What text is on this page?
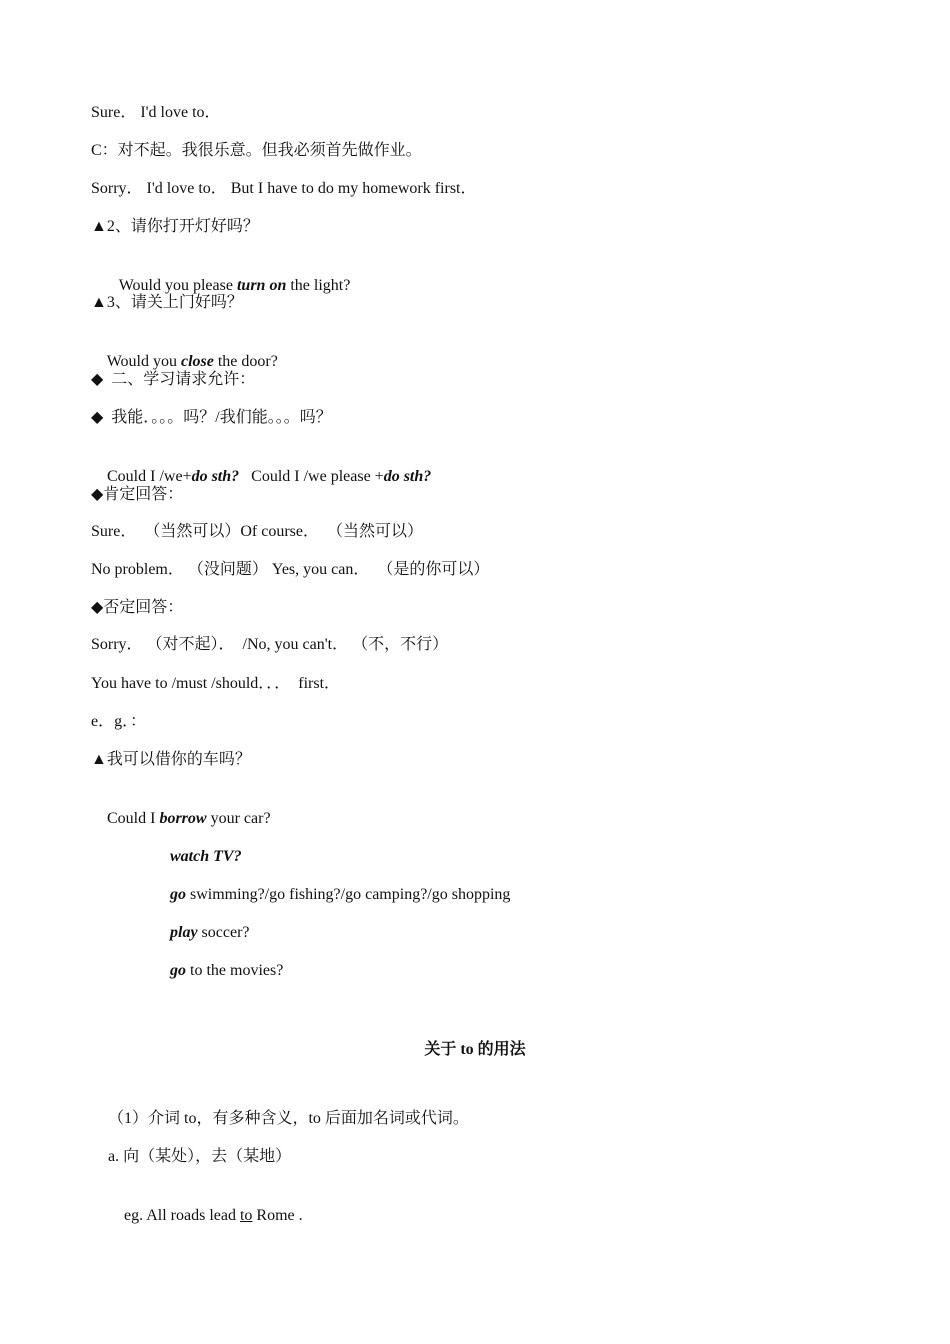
Sure． I'd love to．
C：对不起。我很乐意。但我必须首先做作业。
Sorry． I'd love to． But I have to do my homework first．
▲2、请你打开灯好吗？

Would you please turn on the light?

▲3、请关上门好吗？

Would you close the door?

◆  二、学习请求允许：
◆  我能．。。。吗？/我们能。。。吗？

Could I /we+do sth?   Could I /we please +do sth?

◆肯定回答：
Sure．  （当然可以）Of course．  （当然可以）
No problem． （没问题） Yes, you can．  （是的你可以）
◆否定回答：
Sorry． （对不起）．  /No, you can't． （不，不行）
You have to /must /should．．．  first．
e．g．：
▲我可以借你的车吗？

Could I borrow your car?

watch TV?

go swimming?/go fishing?/go camping?/go shopping

play soccer?

go to the movies?

关于 to 的用法
（1）介词 to，有多种含义，to 后面加名词或代词。
a. 向（某处），去（某地）

eg. All roads lead to Rome .
